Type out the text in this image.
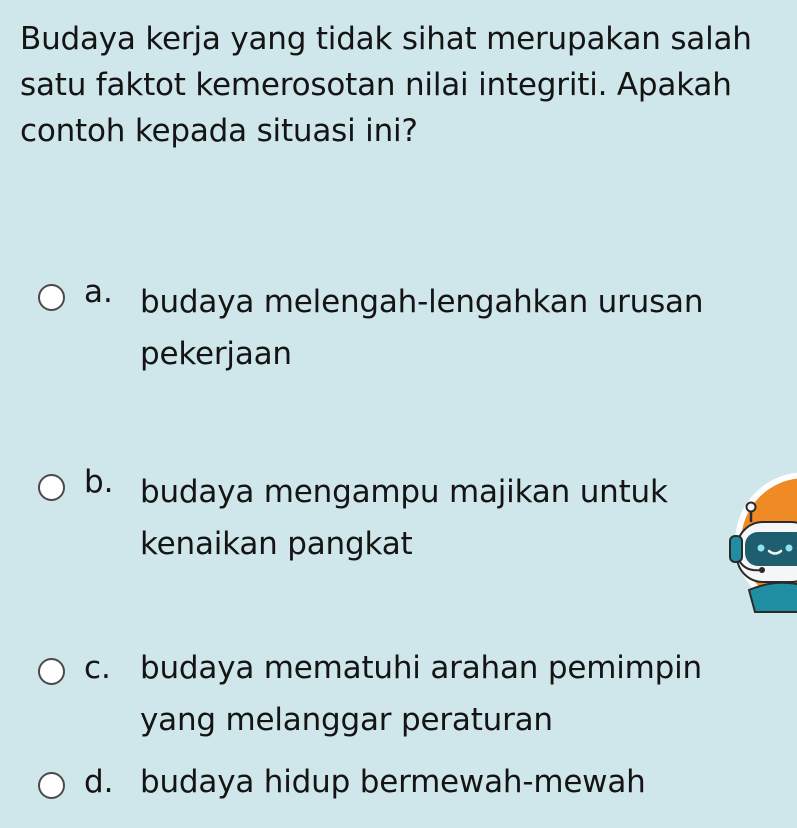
Budaya kerja yang tidak sihat merupakan salah satu faktot kemerosotan nilai integriti. Apakah contoh kepada situasi ini?

a. budaya melengah-lengahkan urusan pekerjaan
b. budaya mengampu majikan untuk kenaikan pangkat
c. budaya mematuhi arahan pemimpin yang melanggar peraturan
d. budaya hidup bermewah-mewah
